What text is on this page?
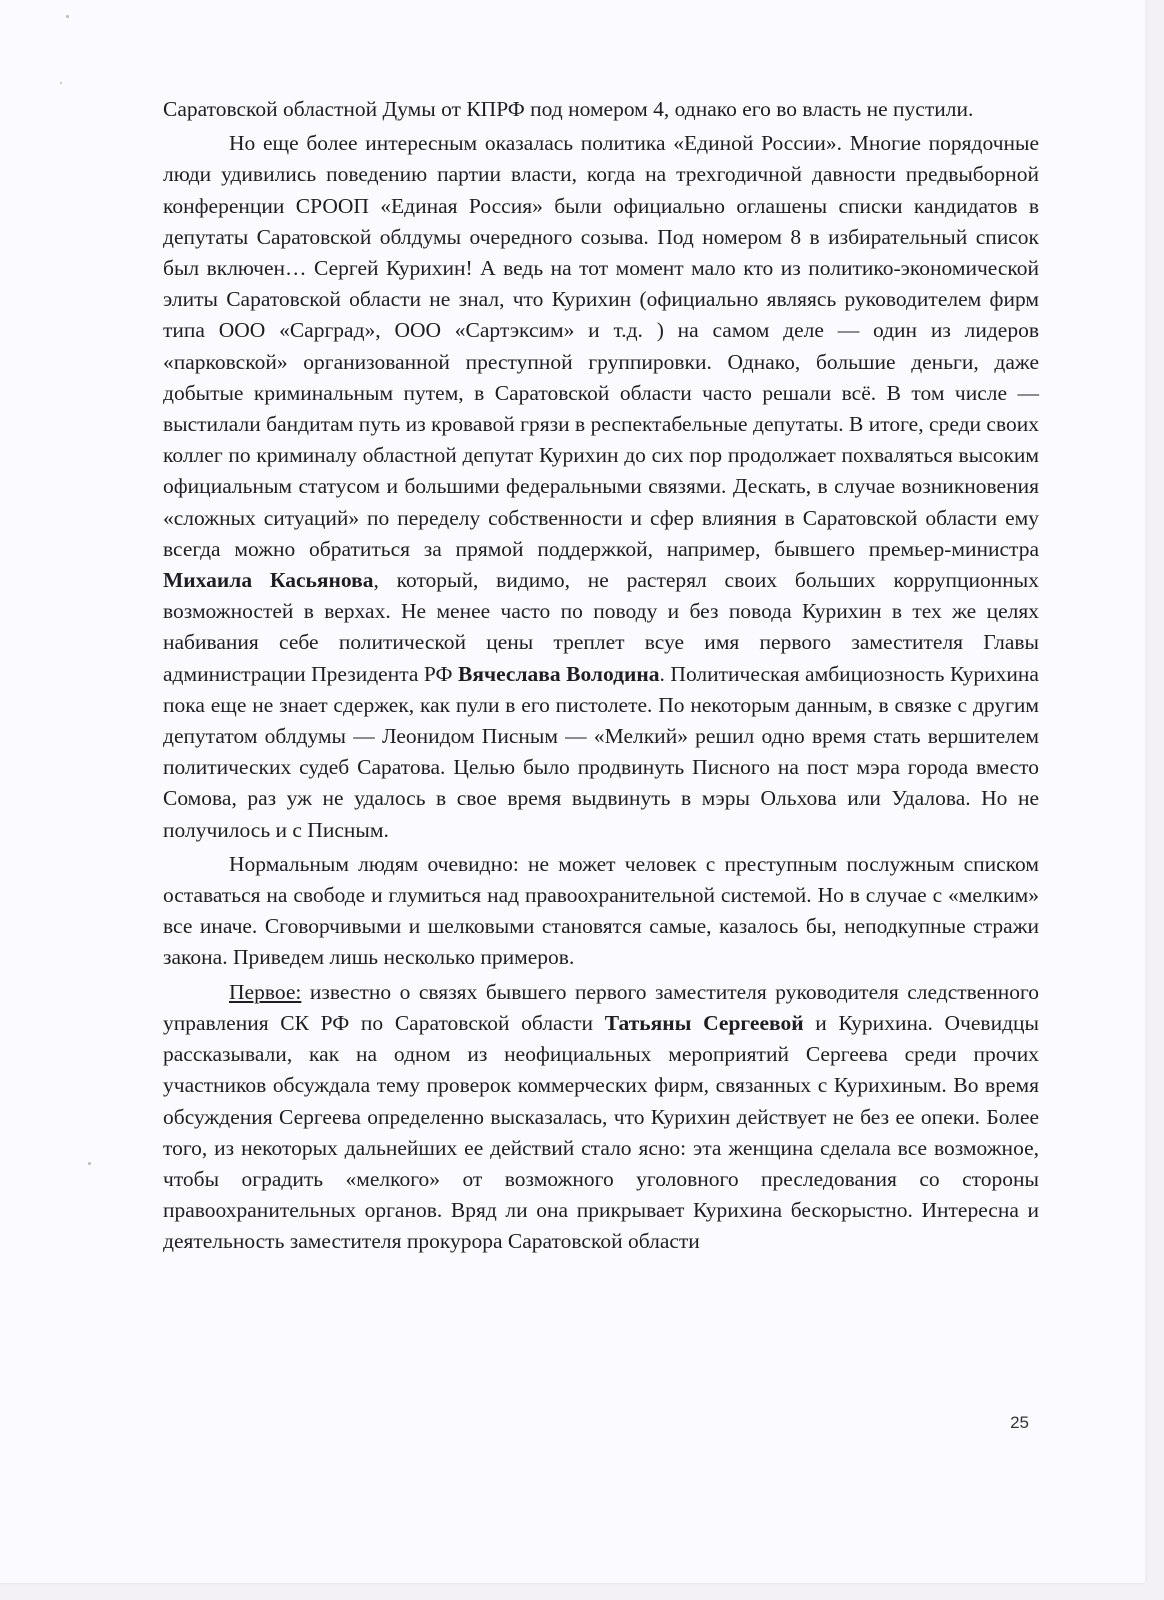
Саратовской областной Думы от КПРФ под номером 4, однако его во власть не пустили.

Но еще более интересным оказалась политика «Единой России». Многие порядочные люди удивились поведению партии власти, когда на трехгодичной давности предвыборной конференции СРООП «Единая Россия» были официально оглашены списки кандидатов в депутаты Саратовской облдумы очередного созыва. Под номером 8 в избирательный список был включен… Сергей Курихин! А ведь на тот момент мало кто из политико-экономической элиты Саратовской области не знал, что Курихин (официально являясь руководителем фирм типа ООО «Сарград», ООО «Сартэксим» и т.д. ) на самом деле — один из лидеров «парковской» организованной преступной группировки. Однако, большие деньги, даже добытые криминальным путем, в Саратовской области часто решали всё. В том числе — выстилали бандитам путь из кровавой грязи в респектабельные депутаты. В итоге, среди своих коллег по криминалу областной депутат Курихин до сих пор продолжает похваляться высоким официальным статусом и большими федеральными связями. Дескать, в случае возникновения «сложных ситуаций» по переделу собственности и сфер влияния в Саратовской области ему всегда можно обратиться за прямой поддержкой, например, бывшего премьер-министра Михаила Касьянова, который, видимо, не растерял своих больших коррупционных возможностей в верхах. Не менее часто по поводу и без повода Курихин в тех же целях набивания себе политической цены треплет всуе имя первого заместителя Главы администрации Президента РФ Вячеслава Володина. Политическая амбициозность Курихина пока еще не знает сдержек, как пули в его пистолете. По некоторым данным, в связке с другим депутатом облдумы — Леонидом Писным — «Мелкий» решил одно время стать вершителем политических судеб Саратова. Целью было продвинуть Писного на пост мэра города вместо Сомова, раз уж не удалось в свое время выдвинуть в мэры Ольхова или Удалова. Но не получилось и с Писным.

Нормальным людям очевидно: не может человек с преступным послужным списком оставаться на свободе и глумиться над правоохранительной системой. Но в случае с «мелким» все иначе. Сговорчивыми и шелковыми становятся самые, казалось бы, неподкупные стражи закона. Приведем лишь несколько примеров.

Первое: известно о связях бывшего первого заместителя руководителя следственного управления СК РФ по Саратовской области Татьяны Сергеевой и Курихина. Очевидцы рассказывали, как на одном из неофициальных мероприятий Сергеева среди прочих участников обсуждала тему проверок коммерческих фирм, связанных с Курихиным. Во время обсуждения Сергеева определенно высказалась, что Курихин действует не без ее опеки. Более того, из некоторых дальнейших ее действий стало ясно: эта женщина сделала все возможное, чтобы оградить «мелкого» от возможного уголовного преследования со стороны правоохранительных органов. Вряд ли она прикрывает Курихина бескорыстно. Интересна и деятельность заместителя прокурора Саратовской области

25
